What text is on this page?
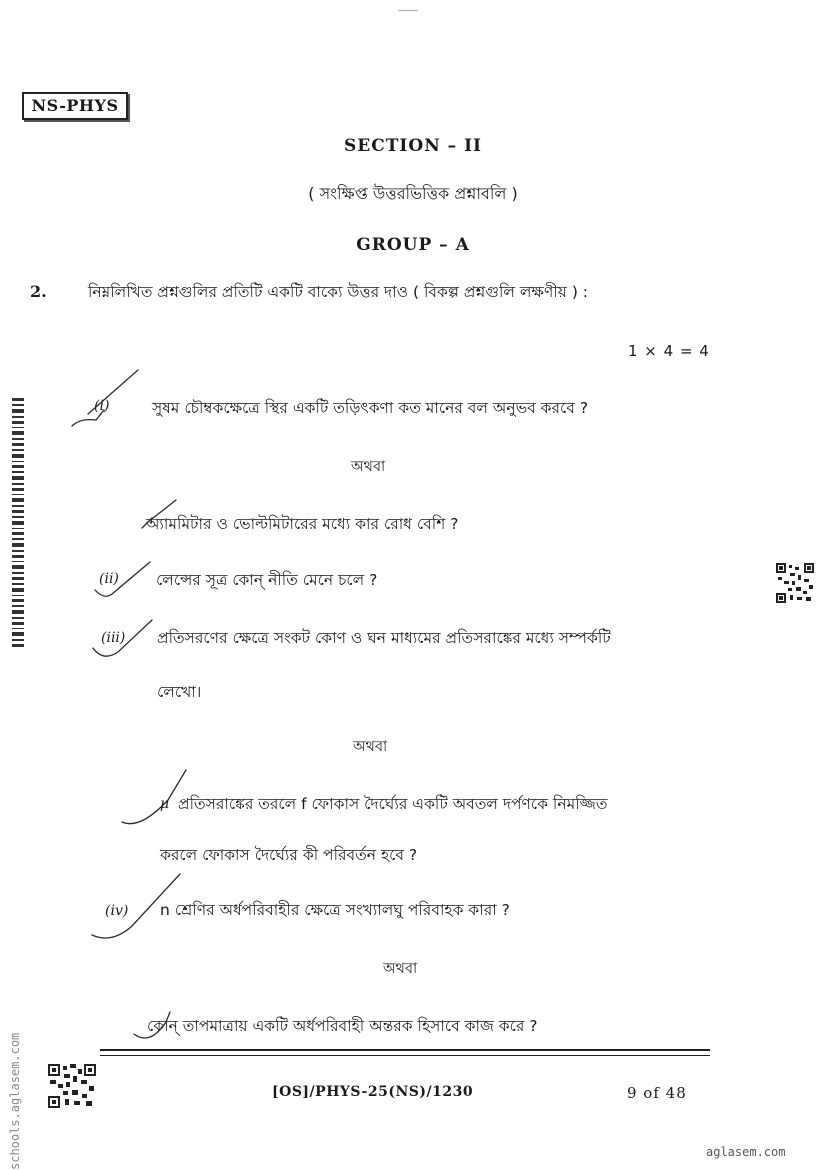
NS-PHYS
SECTION – II
( সংক্ষিপ্ত উত্তরভিত্তিক প্রশ্নাবলি )
GROUP – A
2.	নিম্নলিখিত প্রশ্নগুলির প্রতিটি একটি বাক্যে উত্তর দাও ( বিকল্প প্রশ্নগুলি লক্ষণীয় ) :
1 × 4 = 4
(i)	সুষম চৌম্বকক্ষেত্রে স্থির একটি তড়িৎকণা কত মানের বল অনুভব করবে ?
অথবা
অ্যামমিটার ও ভোল্টমিটারের মধ্যে কার রোধ বেশি ?
(ii) লেন্সের সূত্র কোন্ নীতি মেনে চলে ?
(iii) প্রতিসরণের ক্ষেত্রে সংকট কোণ ও ঘন মাধ্যমের প্রতিসরাঙ্কের মধ্যে সম্পর্কটি
লেখো।
অথবা
μ প্রতিসরাঙ্কের তরলে f ফোকাস দৈর্ঘ্যের একটি অবতল দর্পণকে নিমজ্জিত
করলে ফোকাস দৈর্ঘ্যের কী পরিবর্তন হবে ?
(iv) n শ্রেণির অর্ধপরিবাহীর ক্ষেত্রে সংখ্যালঘু পরিবাহক কারা ?
অথবা
কোন্ তাপমাত্রায় একটি অর্ধপরিবাহী অন্তরক হিসাবে কাজ করে ?
[OS]/PHYS-25(NS)/1230	9 of 48
schools.aglasem.com	aglasem.com
